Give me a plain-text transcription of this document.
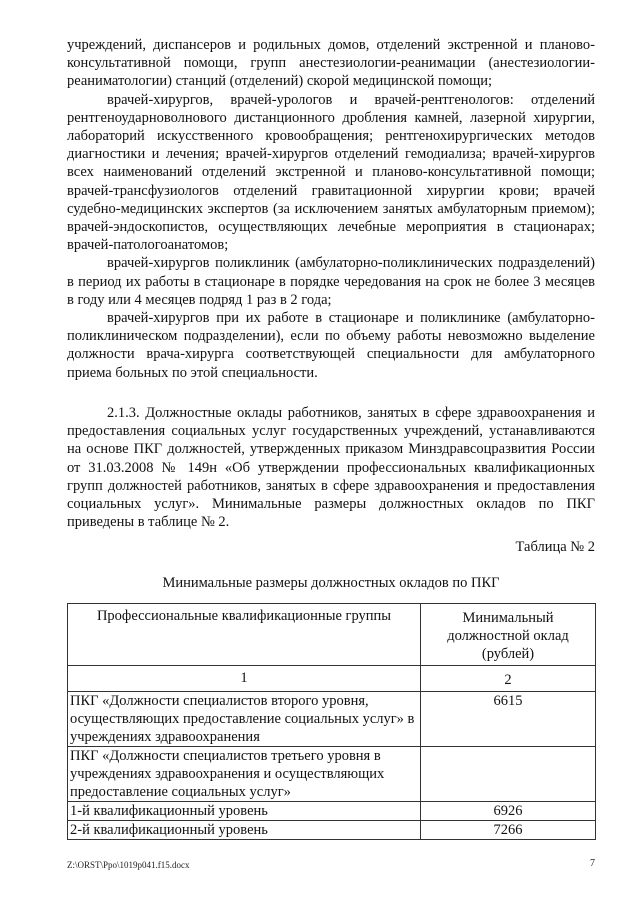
учреждений, диспансеров и родильных домов, отделений экстренной и планово-консультативной помощи, групп анестезиологии-реанимации (анестезиологии-реаниматологии) станций (отделений) скорой медицинской помощи;

врачей-хирургов, врачей-урологов и врачей-рентгенологов: отделений рентгеноударноволнового дистанционного дробления камней, лазерной хирургии, лабораторий искусственного кровообращения; рентгенохирургических методов диагностики и лечения; врачей-хирургов отделений гемодиализа; врачей-хирургов всех наименований отделений экстренной и планово-консультативной помощи; врачей-трансфузиологов отделений гравитационной хирургии крови; врачей судебно-медицинских экспертов (за исключением занятых амбулаторным приемом); врачей-эндоскопистов, осуществляющих лечебные мероприятия в стационарах; врачей-патологоанатомов;

врачей-хирургов поликлиник (амбулаторно-поликлинических подразделений) в период их работы в стационаре в порядке чередования на срок не более 3 месяцев в году или 4 месяцев подряд 1 раз в 2 года;

врачей-хирургов при их работе в стационаре и поликлинике (амбулаторно-поликлиническом подразделении), если по объему работы невозможно выделение должности врача-хирурга соответствующей специальности для амбулаторного приема больных по этой специальности.

2.1.3. Должностные оклады работников, занятых в сфере здравоохранения и предоставления социальных услуг государственных учреждений, устанавливаются на основе ПКГ должностей, утвержденных приказом Минздравсоцразвития России от 31.03.2008 № 149н «Об утверждении профессиональных квалификационных групп должностей работников, занятых в сфере здравоохранения и предоставления социальных услуг». Минимальные размеры должностных окладов по ПКГ приведены в таблице № 2.

Таблица № 2
Минимальные размеры должностных окладов по ПКГ
Профессиональные квалификационные группы	Минимальный должностной оклад (рублей)
1	2
ПКГ «Должности специалистов второго уровня, осуществляющих предоставление социальных услуг» в учреждениях здравоохранения	6615
ПКГ «Должности специалистов третьего уровня в учреждениях здравоохранения и осуществляющих предоставление социальных услуг»	
1-й квалификационный уровень	6926
2-й квалификационный уровень	7266
Z:\ORST\Ppo\1019p041.f15.docx	7
